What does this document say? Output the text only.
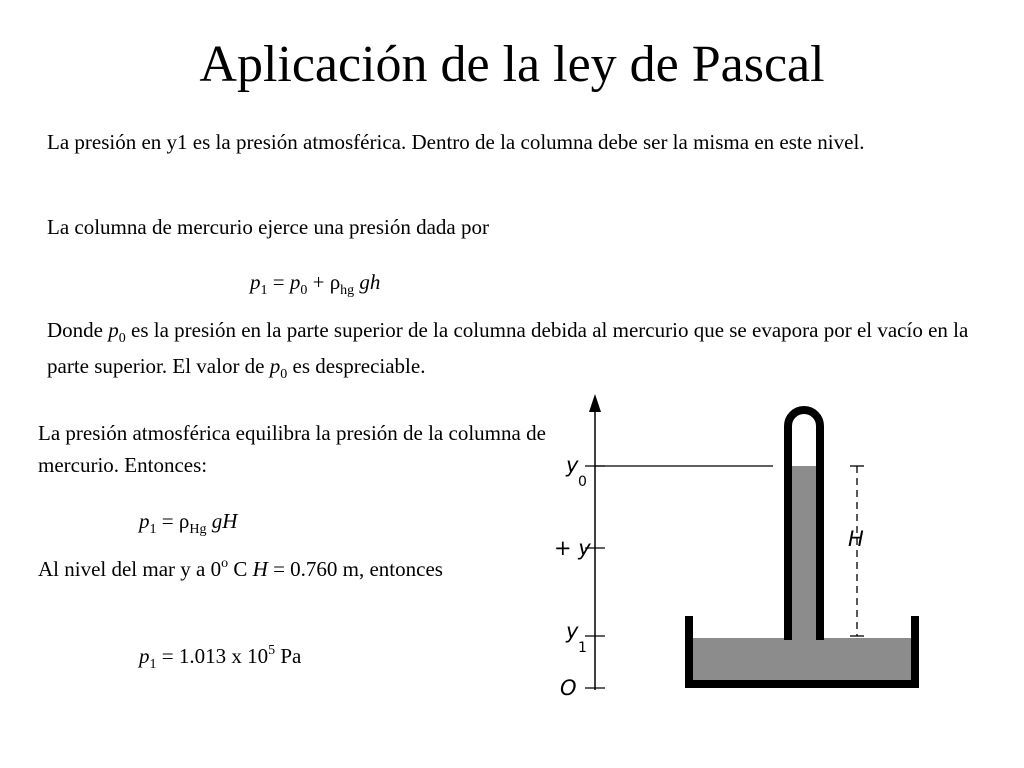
Aplicación de la ley de Pascal
La presión en y1 es la presión atmosférica. Dentro de la columna debe ser la misma en este nivel.
La columna de mercurio ejerce una presión dada por
$p_1 = p_0 + \rho_{hg}$ gh
Donde $p_0$ es la presión en la parte superior de la columna debida al mercurio que se evapora por el vacío en la parte superior. El valor de $p_0$ es despreciable.
La presión atmosférica equilibra la presión de la columna de mercurio. Entonces:
$p_1 = \rho_{Hg}$ gH
Al nivel del mar y a 0$^o$ C H = 0.760 m, entonces
$p_1 = 1.013$ x $10^5$ Pa
H
y
0
+ y
y
1
O
